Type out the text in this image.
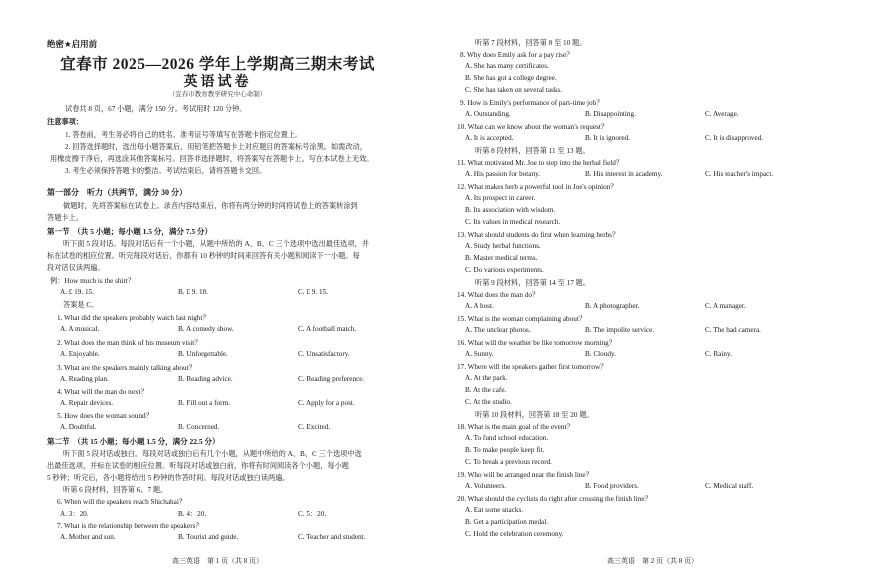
绝密★启用前
宜春市 2025—2026 学年上学期高三期末考试
英语试卷
（宜春市教育教学研究中心命制）
试卷共 8 页，67 小题，满分 150 分。考试用时 120 分钟。
注意事项：
1. 答卷前，考生务必将自己的姓名、准考证号等填写在答题卡指定位置上。
2. 回答选择题时，选出每小题答案后，用铅笔把答题卡上对应题目的答案标号涂黑。如需改动，
用橡皮擦干净后，再选涂其他答案标号。回答非选择题时，将答案写在答题卡上。写在本试卷上无效。
3. 考生必须保持答题卡的整洁。考试结束后，请将答题卡交回。
第一部分　听力（共两节，满分 30 分）
做题时，先将答案标在试卷上。录音内容结束后，你将有两分钟的时间将试卷上的答案转涂到
答题卡上。
第一节　（共 5 小题；每小题 1.5 分，满分 7.5 分）
听下面 5 段对话。每段对话后有一个小题，从题中所给的 A、B、C 三个选项中选出最佳选项，并
标在试卷的相应位置。听完每段对话后，你都有 10 秒钟的时间来回答有关小题和阅读下一小题。每
段对话仅读两遍。
例：How much is the shirt？
A. £ 19. 15.	B. £ 9. 18.	C. £ 9. 15.
答案是 C。
1. What did the speakers probably watch last night？
A. A musical.	B. A comedy show.	C. A football match.
2. What does the man think of his museum visit？
A. Enjoyable.	B. Unforgettable.	C. Unsatisfactory.
3. What are the speakers mainly talking about？
A. Reading plan.	B. Reading advice.	C. Reading preference.
4. What will the man do next？
A. Repair devices.	B. Fill out a form.	C. Apply for a post.
5. How does the woman sound？
A. Doubtful.	B. Concerned.	C. Excited.
第二节　（共 15 小题；每小题 1.5 分，满分 22.5 分）
听下面 5 段对话或独白。每段对话或独白后有几个小题，从题中所给的 A、B、C 三个选项中选
出最佳选项，并标在试卷的相应位置。听每段对话或独白前，你将有时间阅读各个小题，每小题
5 秒钟；听完后，各小题将给出 5 秒钟的作答时间。每段对话或独白读两遍。
听第 6 段材料，回答第 6、7 题。
6. When will the speakers reach Shichahai？
A. 3：20.	B. 4：20.	C. 5：20.
7. What is the relationship between the speakers？
A. Mother and son.	B. Tourist and guide.	C. Teacher and student.
高三英语　第 1 页（共 8 页）
听第 7 段材料，回答第 8 至 10 题。
8. Why does Emily ask for a pay rise？
A. She has many certificates.
B. She has got a college degree.
C. She has taken on several tasks.
9. How is Emily's performance of part-time job？
A. Outstanding.	B. Disappointing.	C. Average.
10. What can we know about the woman's request？
A. It is accepted.	B. It is ignored.	C. It is disapproved.
听第 8 段材料，回答第 11 至 13 题。
11. What motivated Mr. Joe to step into the herbal field？
A. His passion for botany.	B. His interest in academy.	C. His teacher's impact.
12. What makes herb a powerful tool in Joe's opinion？
A. Its prospect in career.
B. Its association with wisdom.
C. Its values in medical research.
13. What should students do first when learning herbs？
A. Study herbal functions.
B. Master medical terms.
C. Do various experiments.
听第 9 段材料，回答第 14 至 17 题。
14. What does the man do？
A. A host.	B. A photographer.	C. A manager.
15. What is the woman complaining about？
A. The unclear photos.	B. The impolite service.	C. The bad camera.
16. What will the weather be like tomorrow morning？
A. Sunny.	B. Cloudy.	C. Rainy.
17. Where will the speakers gather first tomorrow？
A. At the park.
B. At the cafe.
C. At the studio.
听第 10 段材料，回答第 18 至 20 题。
18. What is the main goal of the event？
A. To fund school education.
B. To make people keep fit.
C. To break a previous record.
19. Who will be arranged near the finish line？
A. Volunteers.	B. Food providers.	C. Medical staff.
20. What should the cyclists do right after crossing the finish line？
A. Eat some snacks.
B. Get a participation medal.
C. Hold the celebration ceremony.
高三英语　第 2 页（共 8 页）
